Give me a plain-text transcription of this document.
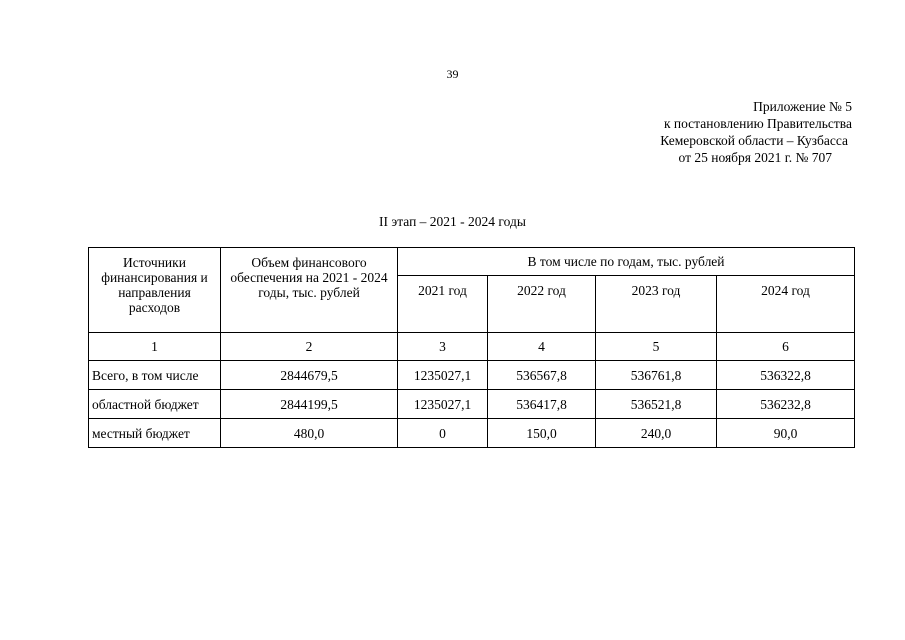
39
Приложение № 5
к постановлению Правительства
Кемеровской области – Кузбасса
от 25 ноября 2021 г. № 707
II этап – 2021 - 2024 годы
Источники финансирования и направления расходов	Объем финансового обеспечения на 2021 - 2024 годы, тыс. рублей	В том числе по годам, тыс. рублей			
		2021 год	2022 год	2023 год	2024 год
1	2	3	4	5	6
Всего, в том числе	2844679,5	1235027,1	536567,8	536761,8	536322,8
областной бюджет	2844199,5	1235027,1	536417,8	536521,8	536232,8
местный бюджет	480,0	0	150,0	240,0	90,0
